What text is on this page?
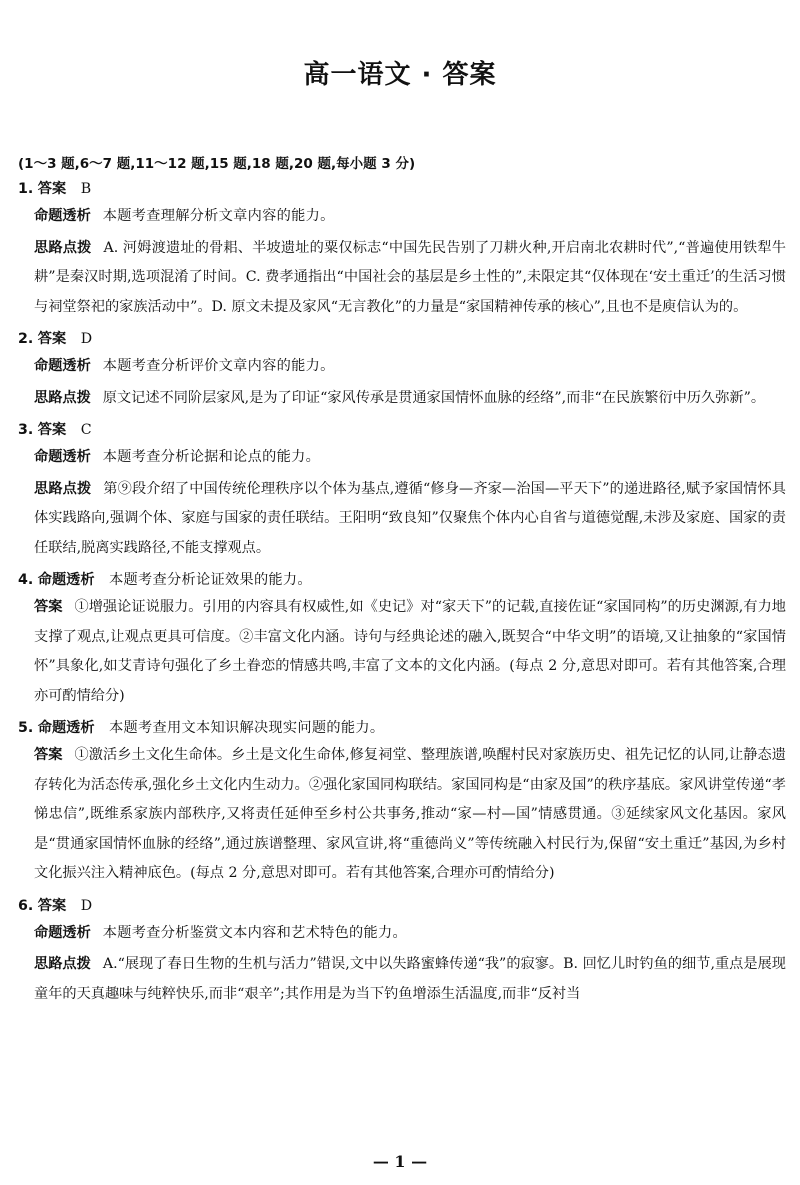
高一语文 · 答案
(1～3 题,6～7 题,11～12 题,15 题,18 题,20 题,每小题 3 分)
1. 答案 B
命题透析 本题考查理解分析文章内容的能力。
思路点拨 A. 河姆渡遗址的骨耜、半坡遗址的粟仅标志“中国先民告别了刀耕火种,开启南北农耕时代”,“普遍使用铁犁牛耕”是秦汉时期,选项混淆了时间。C. 费孝通指出“中国社会的基层是乡土性的”,未限定其“仅体现在‘安土重迁’的生活习惯与祠堂祭祀的家族活动中”。D. 原文未提及家风“无言教化”的力量是“家国精神传承的核心”,且也不是庾信认为的。
2. 答案 D
命题透析 本题考查分析评价文章内容的能力。
思路点拨 原文记述不同阶层家风,是为了印证“家风传承是贯通家国情怀血脉的经络”,而非“在民族繁衍中历久弥新”。
3. 答案 C
命题透析 本题考查分析论据和论点的能力。
思路点拨 第⑨段介绍了中国传统伦理秩序以个体为基点,遵循“修身—齐家—治国—平天下”的递进路径,赋予家国情怀具体实践路向,强调个体、家庭与国家的责任联结。王阳明“致良知”仅聚焦个体内心自省与道德觉醒,未涉及家庭、国家的责任联结,脱离实践路径,不能支撑观点。
4. 命题透析 本题考查分析论证效果的能力。
答案 ①增强论证说服力。引用的内容具有权威性,如《史记》对“家天下”的记载,直接佐证“家国同构”的历史渊源,有力地支撑了观点,让观点更具可信度。②丰富文化内涵。诗句与经典论述的融入,既契合“中华文明”的语境,又让抽象的“家国情怀”具象化,如艾青诗句强化了乡土眷恋的情感共鸣,丰富了文本的文化内涵。(每点 2 分,意思对即可。若有其他答案,合理亦可酌情给分)
5. 命题透析 本题考查用文本知识解决现实问题的能力。
答案 ①激活乡土文化生命体。乡土是文化生命体,修复祠堂、整理族谱,唤醒村民对家族历史、祖先记忆的认同,让静态遗存转化为活态传承,强化乡土文化内生动力。②强化家国同构联结。家国同构是“由家及国”的秩序基底。家风讲堂传递“孝悌忠信”,既维系家族内部秩序,又将责任延伸至乡村公共事务,推动“家—村—国”情感贯通。③延续家风文化基因。家风是“贯通家国情怀血脉的经络”,通过族谱整理、家风宣讲,将“重德尚义”等传统融入村民行为,保留“安土重迁”基因,为乡村文化振兴注入精神底色。(每点 2 分,意思对即可。若有其他答案,合理亦可酌情给分)
6. 答案 D
命题透析 本题考查分析鉴赏文本内容和艺术特色的能力。
思路点拨 A.“展现了春日生物的生机与活力”错误,文中以失路蜜蜂传递“我”的寂寥。B. 回忆儿时钓鱼的细节,重点是展现童年的天真趣味与纯粹快乐,而非“艰辛”;其作用是为当下钓鱼增添生活温度,而非“反衬当
— 1 —
